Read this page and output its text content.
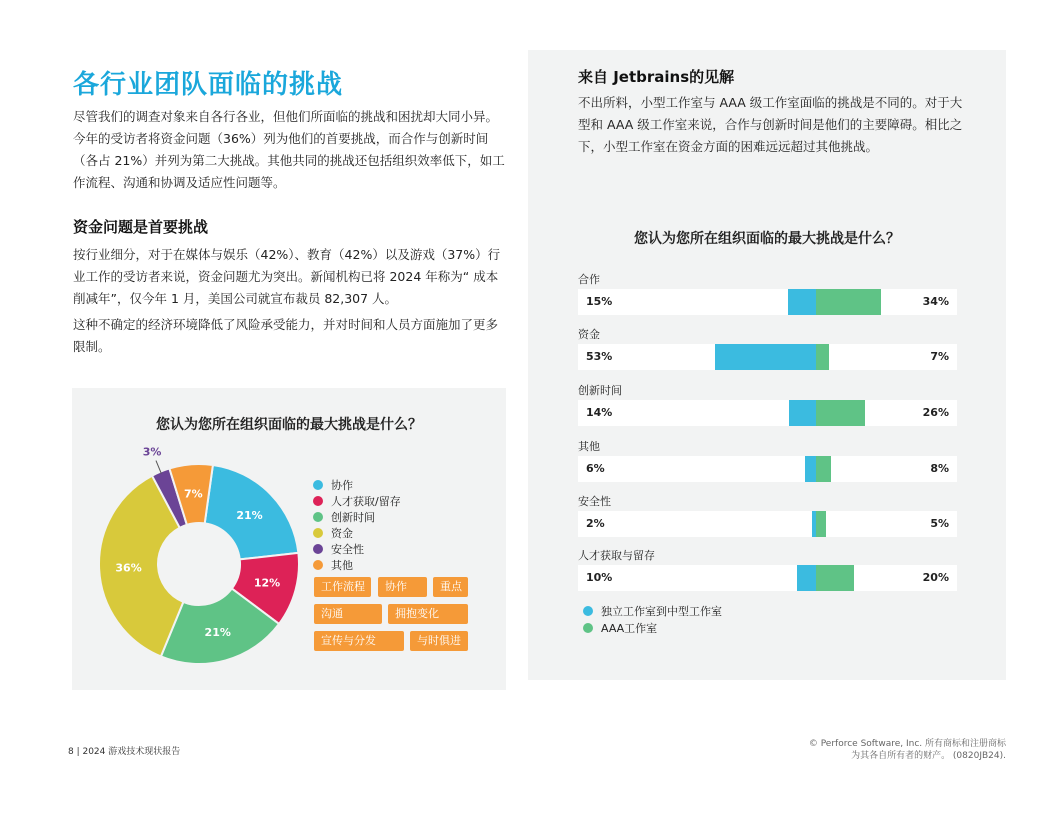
各行业团队面临的挑战
尽管我们的调查对象来自各行各业，但他们所面临的挑战和困扰却大同小异。今年的受访者将资金问题（36%）列为他们的首要挑战，而合作与创新时间（各占 21%）并列为第二大挑战。其他共同的挑战还包括组织效率低下，如工作流程、沟通和协调及适应性问题等。
资金问题是首要挑战
按行业细分，对于在媒体与娱乐（42%）、教育（42%）以及游戏（37%）行业工作的受访者来说，资金问题尤为突出。新闻机构已将 2024 年称为“ 成本削减年”，仅今年 1 月，美国公司就宣布裁员 82,307 人。
这种不确定的经济环境降低了风险承受能力，并对时间和人员方面施加了更多限制。
您认为您所在组织面临的最大挑战是什么？
21%
12%
21%
36%
3%
7%
协作
人才获取/留存
创新时间
资金
安全性
其他
工作流程	协作	重点
沟通	拥抱变化
宣传与分发	与时俱进
来自 Jetbrains的见解
不出所料，小型工作室与 AAA 级工作室面临的挑战是不同的。对于大型和 AAA 级工作室来说，合作与创新时间是他们的主要障碍。相比之下，小型工作室在资金方面的困难远远超过其他挑战。
您认为您所在组织面临的最大挑战是什么？
合作
15%	34%
资金
53%	7%
创新时间
14%	26%
其他
6%	8%
安全性
2%	5%
人才获取与留存
10%	20%
独立工作室到中型工作室
AAA工作室
8 | 2024 游戏技术现状报告
© Perforce Software, Inc. 所有商标和注册商标
为其各自所有者的财产。 (0820JB24).
